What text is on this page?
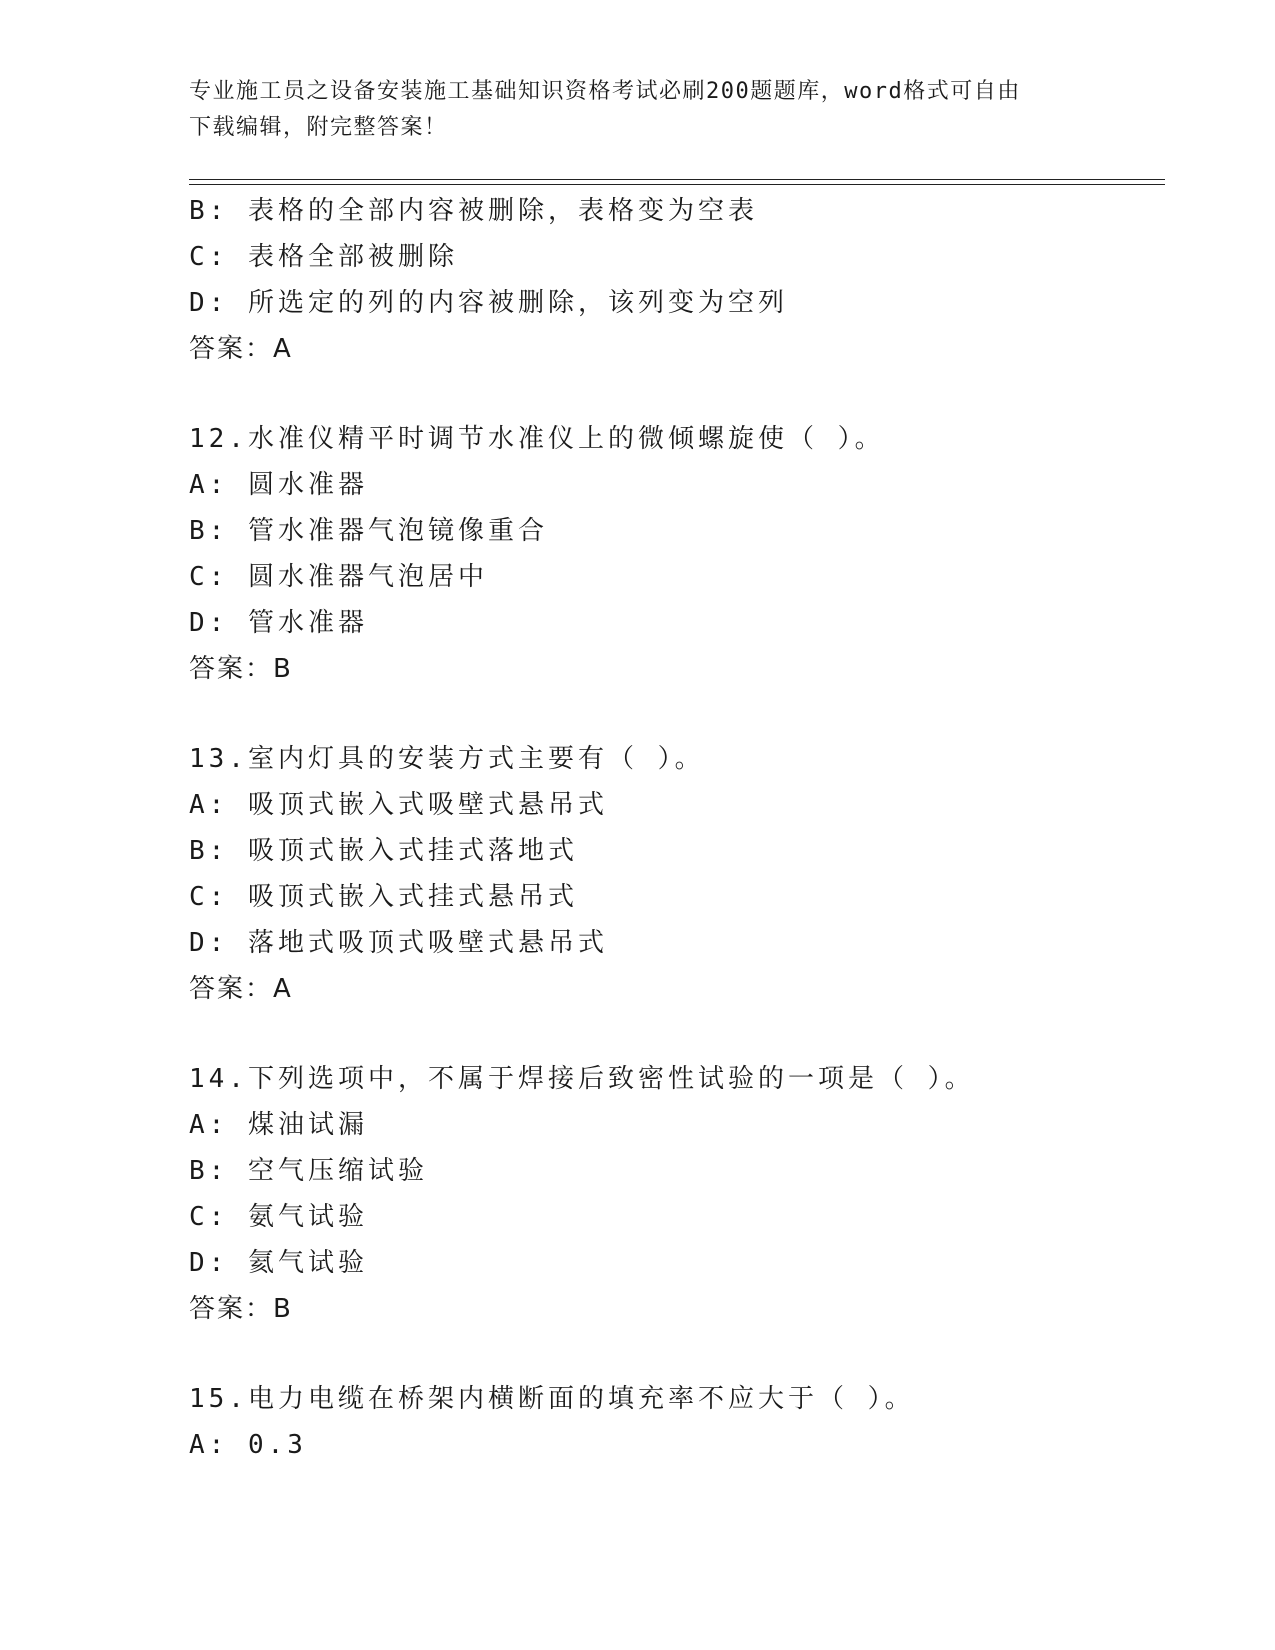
专业施工员之设备安装施工基础知识资格考试必刷200题题库，word格式可自由
下载编辑，附完整答案！
B: 表格的全部内容被删除，表格变为空表
C: 表格全部被删除
D: 所选定的列的内容被删除，该列变为空列
答案：A
12.水准仪精平时调节水准仪上的微倾螺旋使（ ）。
A: 圆水准器
B: 管水准器气泡镜像重合
C: 圆水准器气泡居中
D: 管水准器
答案：B
13.室内灯具的安装方式主要有（ ）。
A: 吸顶式嵌入式吸壁式悬吊式
B: 吸顶式嵌入式挂式落地式
C: 吸顶式嵌入式挂式悬吊式
D: 落地式吸顶式吸壁式悬吊式
答案：A
14.下列选项中，不属于焊接后致密性试验的一项是（ ）。
A: 煤油试漏
B: 空气压缩试验
C: 氨气试验
D: 氦气试验
答案：B
15.电力电缆在桥架内横断面的填充率不应大于（ ）。
A: 0.3
